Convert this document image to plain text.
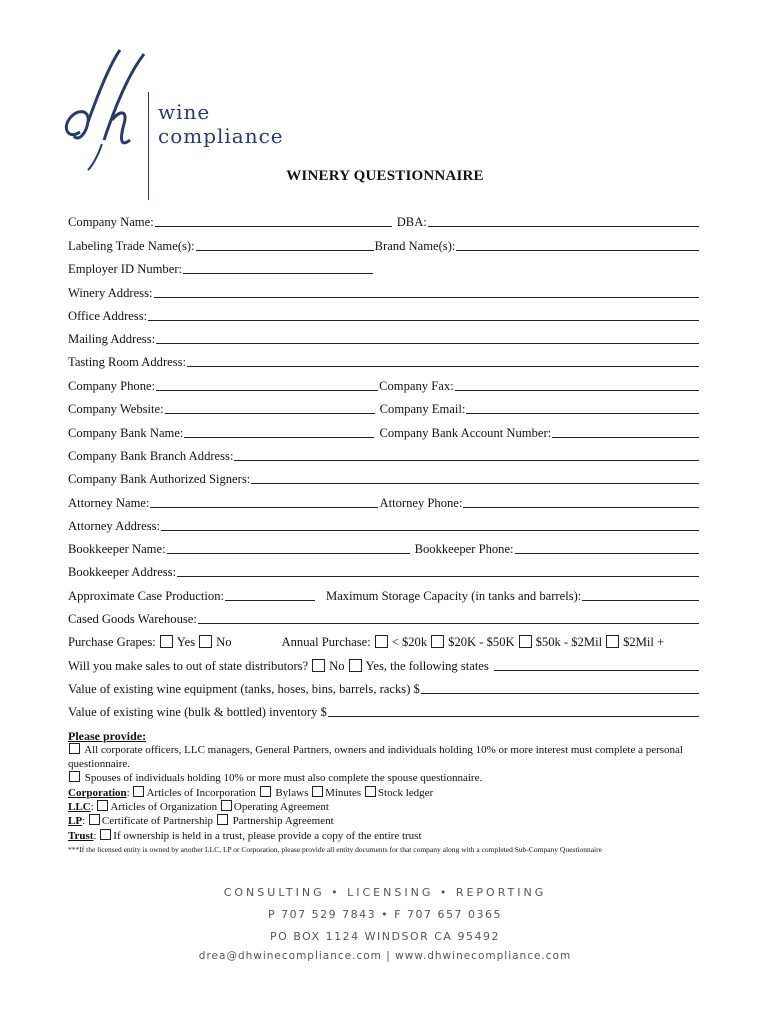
wine
compliance
WINERY QUESTIONNAIRE
Company Name:	DBA:
Labeling Trade Name(s):	Brand Name(s):
Employer ID Number:
Winery Address:
Office Address:
Mailing Address:
Tasting Room Address:
Company Phone:	Company Fax:
Company Website:	Company Email:
Company Bank Name:	Company Bank Account Number:
Company Bank Branch Address:
Company Bank Authorized Signers:
Attorney Name:	Attorney Phone:
Attorney Address:
Bookkeeper Name:	Bookkeeper Phone:
Bookkeeper Address:
Approximate Case Production:	Maximum Storage Capacity (in tanks and barrels):
Cased Goods Warehouse:
Purchase Grapes: Yes No	Annual Purchase: < $20k $20K - $50K $50k - $2Mil $2Mil +
Will you make sales to out of state distributors? No Yes, the following states
Value of existing wine equipment (tanks, hoses, bins, barrels, racks) $
Value of existing wine (bulk & bottled) inventory $
Please provide:
All corporate officers, LLC managers, General Partners, owners and individuals holding 10% or more interest must complete a personal questionnaire.
Spouses of individuals holding 10% or more must also complete the spouse questionnaire.
Corporation: Articles of Incorporation Bylaws Minutes Stock ledger
LLC: Articles of Organization Operating Agreement
LP: Certificate of Partnership Partnership Agreement
Trust: If ownership is held in a trust, please provide a copy of the entire trust
***If the licensed entity is owned by another LLC, LP or Corporation, please provide all entity documents for that company along with a completed Sub-Company Questionnaire
CONSULTING • LICENSING • REPORTING
P 707 529 7843 • F 707 657 0365
PO BOX 1124 WINDSOR CA 95492
drea@dhwinecompliance.com | www.dhwinecompliance.com
